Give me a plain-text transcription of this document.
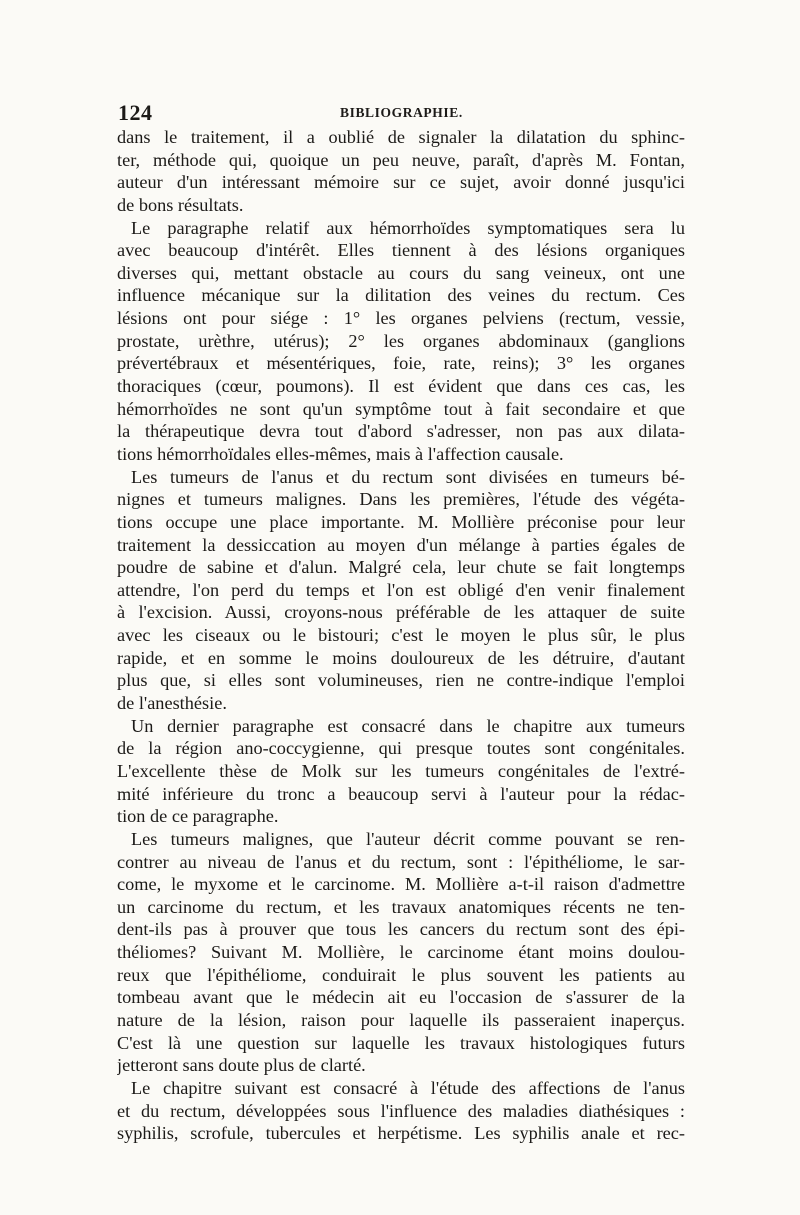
124	BIBLIOGRAPHIE.
dans le traitement, il a oublié de signaler la dilatation du sphinc-
ter, méthode qui, quoique un peu neuve, paraît, d'après M. Fontan,
auteur d'un intéressant mémoire sur ce sujet, avoir donné jusqu'ici
de bons résultats.
Le paragraphe relatif aux hémorrhoïdes symptomatiques sera lu
avec beaucoup d'intérêt. Elles tiennent à des lésions organiques
diverses qui, mettant obstacle au cours du sang veineux, ont une
influence mécanique sur la dilitation des veines du rectum. Ces
lésions ont pour siége : 1° les organes pelviens (rectum, vessie,
prostate, urèthre, utérus); 2° les organes abdominaux (ganglions
prévertébraux et mésentériques, foie, rate, reins); 3° les organes
thoraciques (cœur, poumons). Il est évident que dans ces cas, les
hémorrhoïdes ne sont qu'un symptôme tout à fait secondaire et que
la thérapeutique devra tout d'abord s'adresser, non pas aux dilata-
tions hémorrhoïdales elles-mêmes, mais à l'affection causale.
Les tumeurs de l'anus et du rectum sont divisées en tumeurs bé-
nignes et tumeurs malignes. Dans les premières, l'étude des végéta-
tions occupe une place importante. M. Mollière préconise pour leur
traitement la dessiccation au moyen d'un mélange à parties égales de
poudre de sabine et d'alun. Malgré cela, leur chute se fait longtemps
attendre, l'on perd du temps et l'on est obligé d'en venir finalement
à l'excision. Aussi, croyons-nous préférable de les attaquer de suite
avec les ciseaux ou le bistouri; c'est le moyen le plus sûr, le plus
rapide, et en somme le moins douloureux de les détruire, d'autant
plus que, si elles sont volumineuses, rien ne contre-indique l'emploi
de l'anesthésie.
Un dernier paragraphe est consacré dans le chapitre aux tumeurs
de la région ano-coccygienne, qui presque toutes sont congénitales.
L'excellente thèse de Molk sur les tumeurs congénitales de l'extré-
mité inférieure du tronc a beaucoup servi à l'auteur pour la rédac-
tion de ce paragraphe.
Les tumeurs malignes, que l'auteur décrit comme pouvant se ren-
contrer au niveau de l'anus et du rectum, sont : l'épithéliome, le sar-
come, le myxome et le carcinome. M. Mollière a-t-il raison d'admettre
un carcinome du rectum, et les travaux anatomiques récents ne ten-
dent-ils pas à prouver que tous les cancers du rectum sont des épi-
théliomes? Suivant M. Mollière, le carcinome étant moins doulou-
reux que l'épithéliome, conduirait le plus souvent les patients au
tombeau avant que le médecin ait eu l'occasion de s'assurer de la
nature de la lésion, raison pour laquelle ils passeraient inaperçus.
C'est là une question sur laquelle les travaux histologiques futurs
jetteront sans doute plus de clarté.
Le chapitre suivant est consacré à l'étude des affections de l'anus
et du rectum, développées sous l'influence des maladies diathésiques :
syphilis, scrofule, tubercules et herpétisme. Les syphilis anale et rec-
